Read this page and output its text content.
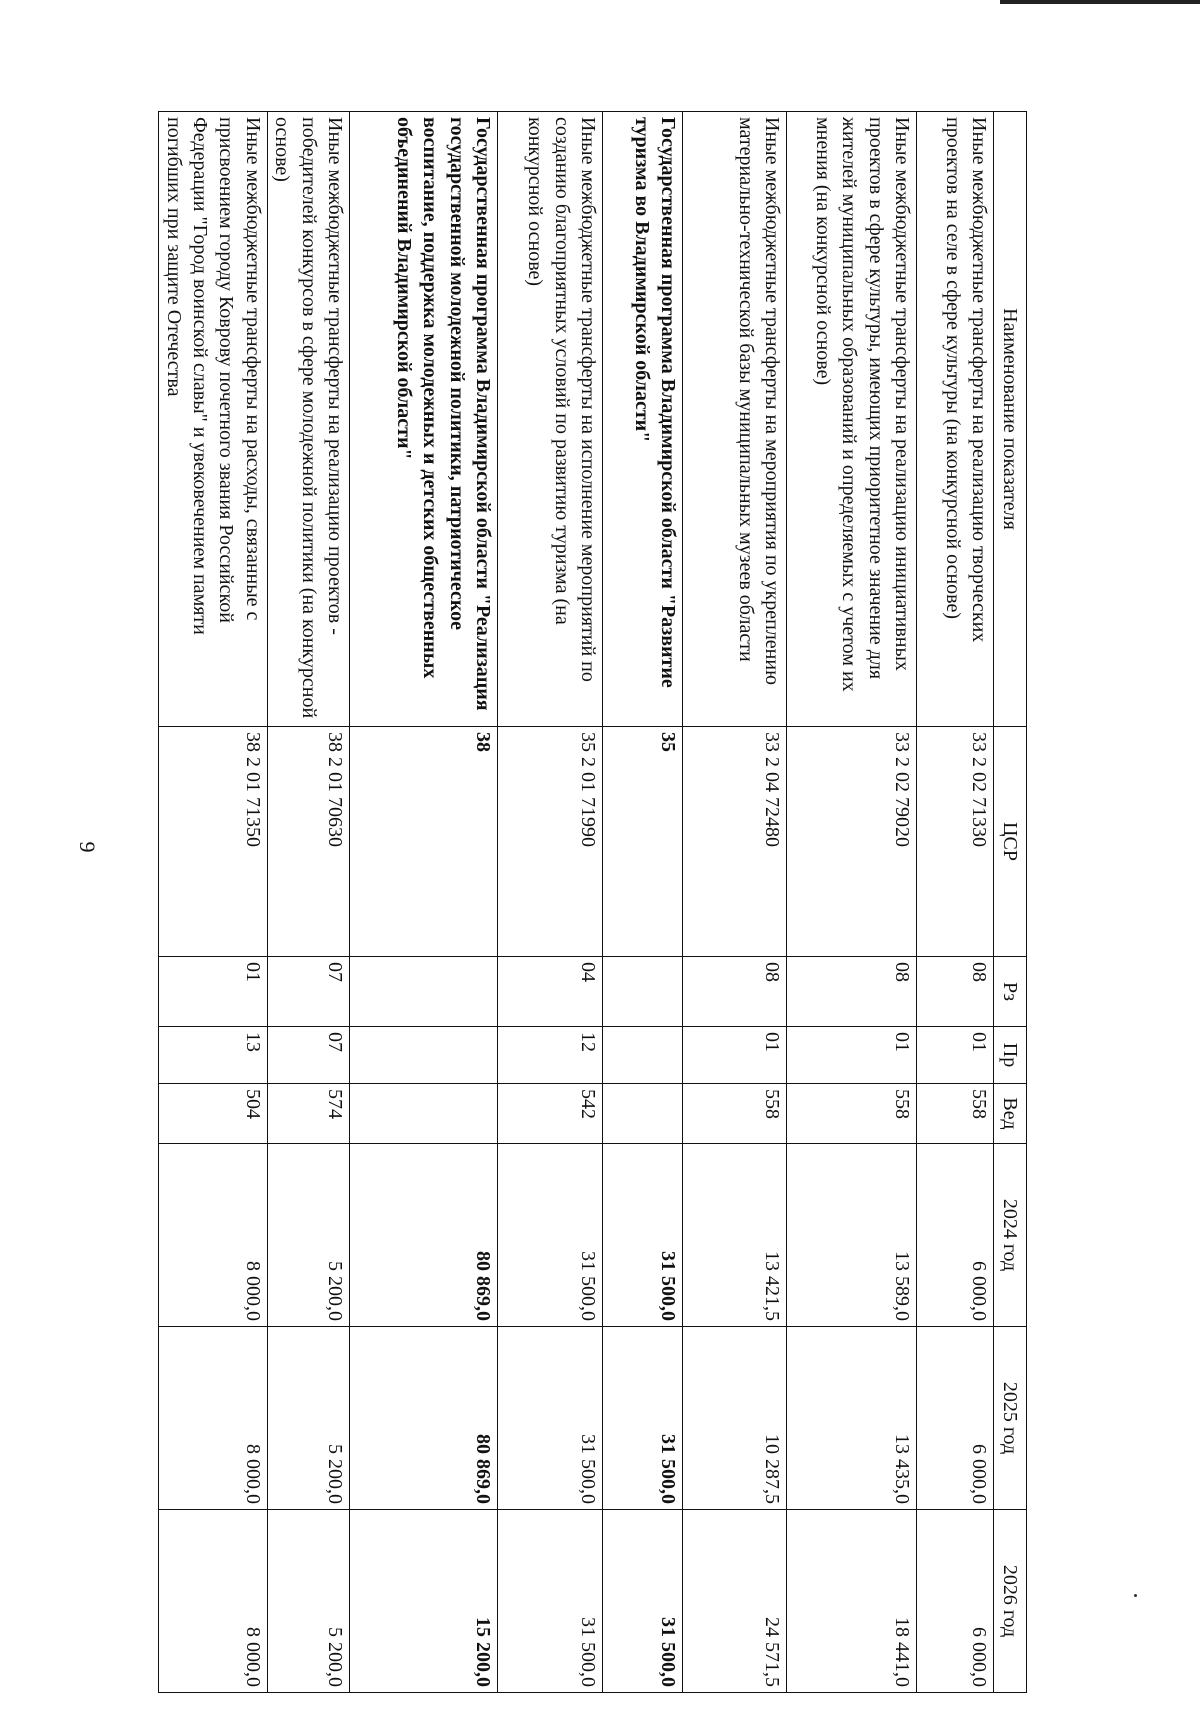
9
Наименование показателя	ЦСР	Рз	Пр	Вед	2024 год	2025 год	2026 год
Иные межбюджетные трансферты на реализацию творческих проектов на селе в сфере культуры (на конкурсной основе)	33 2 02 71330	08	01	558	6 000,0	6 000,0	6 000,0
Иные межбюджетные трансферты на реализацию инициативных проектов в сфере культуры, имеющих приоритетное значение для жителей муниципальных образований и определяемых с учетом их мнения (на конкурсной основе)	33 2 02 79020	08	01	558	13 589,0	13 435,0	18 441,0
Иные межбюджетные трансферты на мероприятия по укреплению материально-технической базы муниципальных музеев области	33 2 04 72480	08	01	558	13 421,5	10 287,5	24 571,5
Государственная программа Владимирской области "Развитие туризма во Владимирской области"	35				31 500,0	31 500,0	31 500,0
Иные межбюджетные трансферты на исполнение мероприятий по созданию благоприятных условий по развитию туризма (на конкурсной основе)	35 2 01 71990	04	12	542	31 500,0	31 500,0	31 500,0
Государственная программа Владимирской области "Реализация государственной молодежной политики, патриотическое воспитание, поддержка молодежных и детских общественных объединений Владимирской области"	38				80 869,0	80 869,0	15 200,0
Иные межбюджетные трансферты на реализацию проектов - победителей конкурсов в сфере молодежной политики (на конкурсной основе)	38 2 01 70630	07	07	574	5 200,0	5 200,0	5 200,0
Иные межбюджетные трансферты на расходы, связанные с присвоением городу Коврову почетного звания Российской Федерации "Город воинской славы" и увековечением памяти погибших при защите Отечества	38 2 01 71350	01	13	504	8 000,0	8 000,0	8 000,0
